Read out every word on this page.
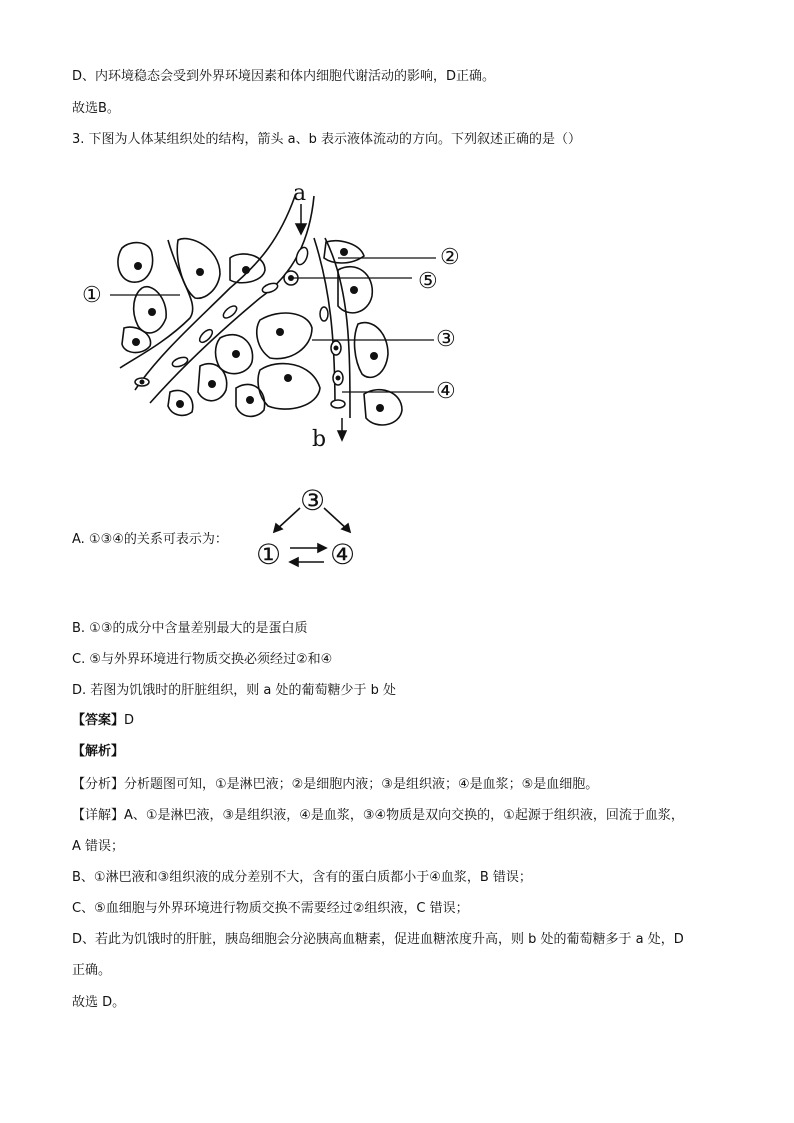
D、内环境稳态会受到外界环境因素和体内细胞代谢活动的影响，D正确。
故选B。
3. 下图为人体某组织处的结构，箭头 a、b 表示液体流动的方向。下列叙述正确的是（）
a
b
①
②
⑤
③
④
A. ①③④的关系可表示为：
③
① ④
B. ①③的成分中含量差别最大的是蛋白质
C. ⑤与外界环境进行物质交换必须经过②和④
D. 若图为饥饿时的肝脏组织，则 a 处的葡萄糖少于 b 处
【答案】D
【解析】
【分析】分析题图可知，①是淋巴液；②是细胞内液；③是组织液；④是血浆；⑤是血细胞。
【详解】A、①是淋巴液，③是组织液，④是血浆，③④物质是双向交换的，①起源于组织液，回流于血浆，
A 错误；
B、①淋巴液和③组织液的成分差别不大，含有的蛋白质都小于④血浆，B 错误；
C、⑤血细胞与外界环境进行物质交换不需要经过②组织液，C 错误；
D、若此为饥饿时的肝脏，胰岛细胞会分泌胰高血糖素，促进血糖浓度升高，则 b 处的葡萄糖多于 a 处，D
正确。
故选 D。
